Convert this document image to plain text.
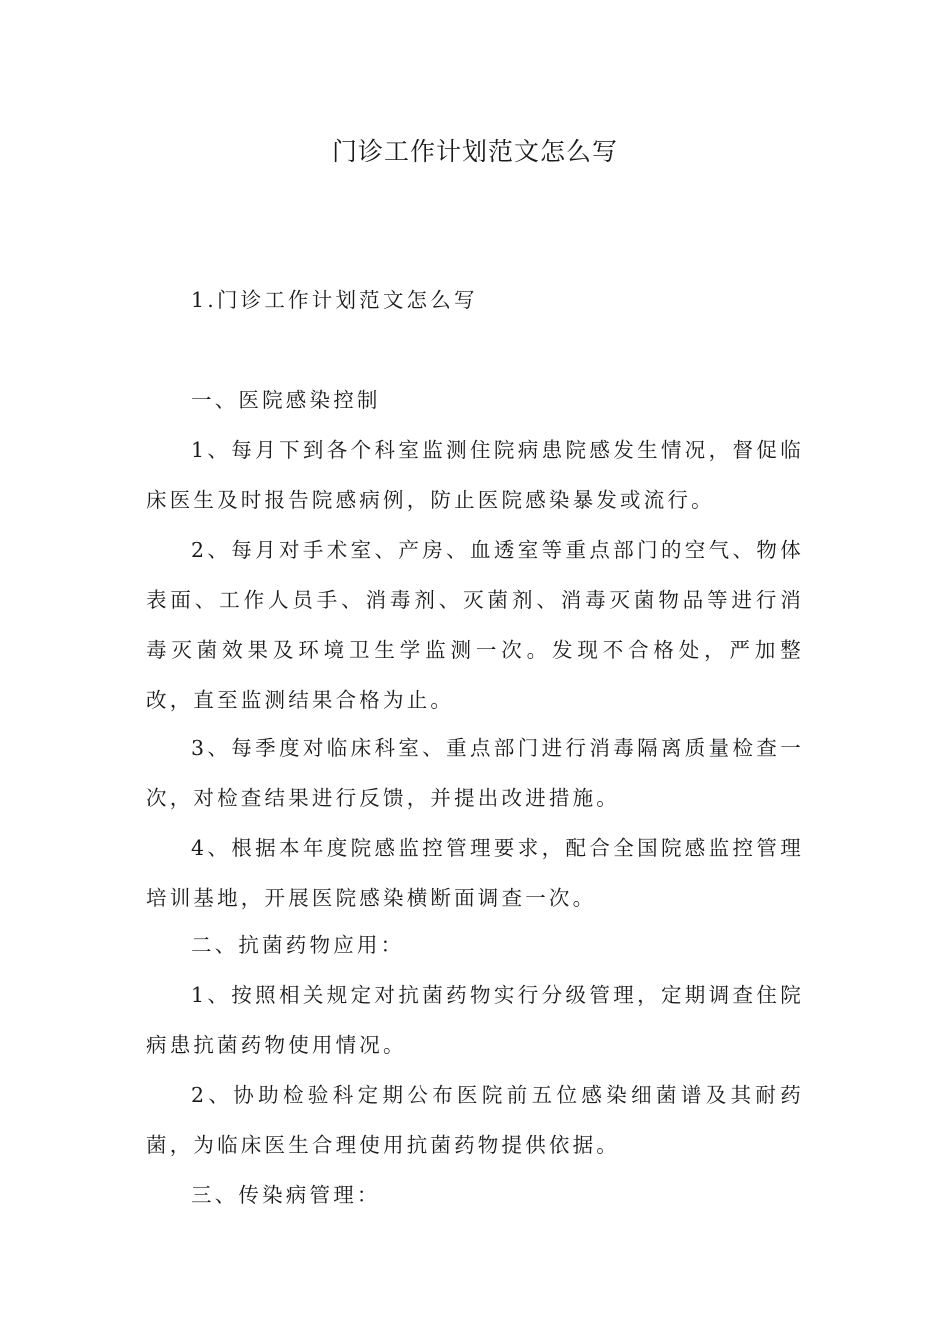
门诊工作计划范文怎么写

1.门诊工作计划范文怎么写

一、医院感染控制

1、每月下到各个科室监测住院病患院感发生情况，督促临床医生及时报告院感病例，防止医院感染暴发或流行。

2、每月对手术室、产房、血透室等重点部门的空气、物体表面、工作人员手、消毒剂、灭菌剂、消毒灭菌物品等进行消毒灭菌效果及环境卫生学监测一次。发现不合格处，严加整改，直至监测结果合格为止。

3、每季度对临床科室、重点部门进行消毒隔离质量检查一次，对检查结果进行反馈，并提出改进措施。

4、根据本年度院感监控管理要求，配合全国院感监控管理培训基地，开展医院感染横断面调查一次。

二、抗菌药物应用：

1、按照相关规定对抗菌药物实行分级管理，定期调查住院病患抗菌药物使用情况。

2、协助检验科定期公布医院前五位感染细菌谱及其耐药菌，为临床医生合理使用抗菌药物提供依据。

三、传染病管理：
